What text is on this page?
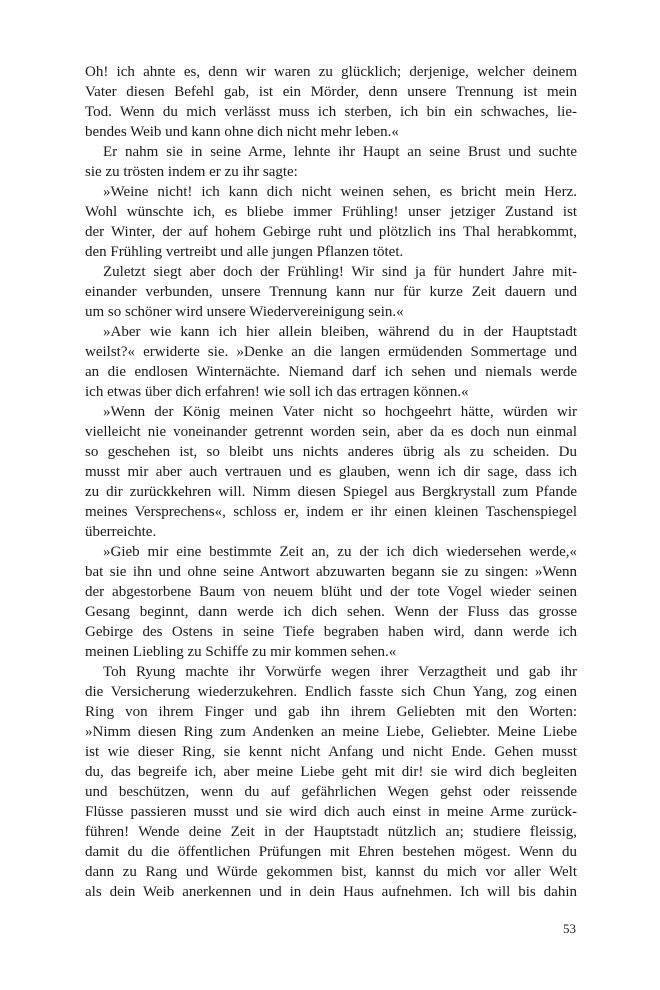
Oh! ich ahnte es, denn wir waren zu glücklich; derjenige, welcher deinem
Vater diesen Befehl gab, ist ein Mörder, denn unsere Trennung ist mein
Tod. Wenn du mich verlässt muss ich sterben, ich bin ein schwaches, lie-
bendes Weib und kann ohne dich nicht mehr leben.«

Er nahm sie in seine Arme, lehnte ihr Haupt an seine Brust und suchte
sie zu trösten indem er zu ihr sagte:

»Weine nicht! ich kann dich nicht weinen sehen, es bricht mein Herz.
Wohl wünschte ich, es bliebe immer Frühling! unser jetziger Zustand ist
der Winter, der auf hohem Gebirge ruht und plötzlich ins Thal herabkommt,
den Frühling vertreibt und alle jungen Pflanzen tötet.

Zuletzt siegt aber doch der Frühling! Wir sind ja für hundert Jahre mit-
einander verbunden, unsere Trennung kann nur für kurze Zeit dauern und
um so schöner wird unsere Wiedervereinigung sein.«

»Aber wie kann ich hier allein bleiben, während du in der Hauptstadt
weilst?« erwiderte sie. »Denke an die langen ermüdenden Sommertage und
an die endlosen Winternächte. Niemand darf ich sehen und niemals werde
ich etwas über dich erfahren! wie soll ich das ertragen können.«

»Wenn der König meinen Vater nicht so hochgeehrt hätte, würden wir
vielleicht nie voneinander getrennt worden sein, aber da es doch nun einmal
so geschehen ist, so bleibt uns nichts anderes übrig als zu scheiden. Du
musst mir aber auch vertrauen und es glauben, wenn ich dir sage, dass ich
zu dir zurückkehren will. Nimm diesen Spiegel aus Bergkrystall zum Pfande
meines Versprechens«, schloss er, indem er ihr einen kleinen Taschenspiegel
überreichte.

»Gieb mir eine bestimmte Zeit an, zu der ich dich wiedersehen werde,«
bat sie ihn und ohne seine Antwort abzuwarten begann sie zu singen: »Wenn
der abgestorbene Baum von neuem blüht und der tote Vogel wieder seinen
Gesang beginnt, dann werde ich dich sehen. Wenn der Fluss das grosse
Gebirge des Ostens in seine Tiefe begraben haben wird, dann werde ich
meinen Liebling zu Schiffe zu mir kommen sehen.«

Toh Ryung machte ihr Vorwürfe wegen ihrer Verzagtheit und gab ihr
die Versicherung wiederzukehren. Endlich fasste sich Chun Yang, zog einen
Ring von ihrem Finger und gab ihn ihrem Geliebten mit den Worten:
»Nimm diesen Ring zum Andenken an meine Liebe, Geliebter. Meine Liebe
ist wie dieser Ring, sie kennt nicht Anfang und nicht Ende. Gehen musst
du, das begreife ich, aber meine Liebe geht mit dir! sie wird dich begleiten
und beschützen, wenn du auf gefährlichen Wegen gehst oder reissende
Flüsse passieren musst und sie wird dich auch einst in meine Arme zurück-
führen! Wende deine Zeit in der Hauptstadt nützlich an; studiere fleissig,
damit du die öffentlichen Prüfungen mit Ehren bestehen mögest. Wenn du
dann zu Rang und Würde gekommen bist, kannst du mich vor aller Welt
als dein Weib anerkennen und in dein Haus aufnehmen. Ich will bis dahin

53
